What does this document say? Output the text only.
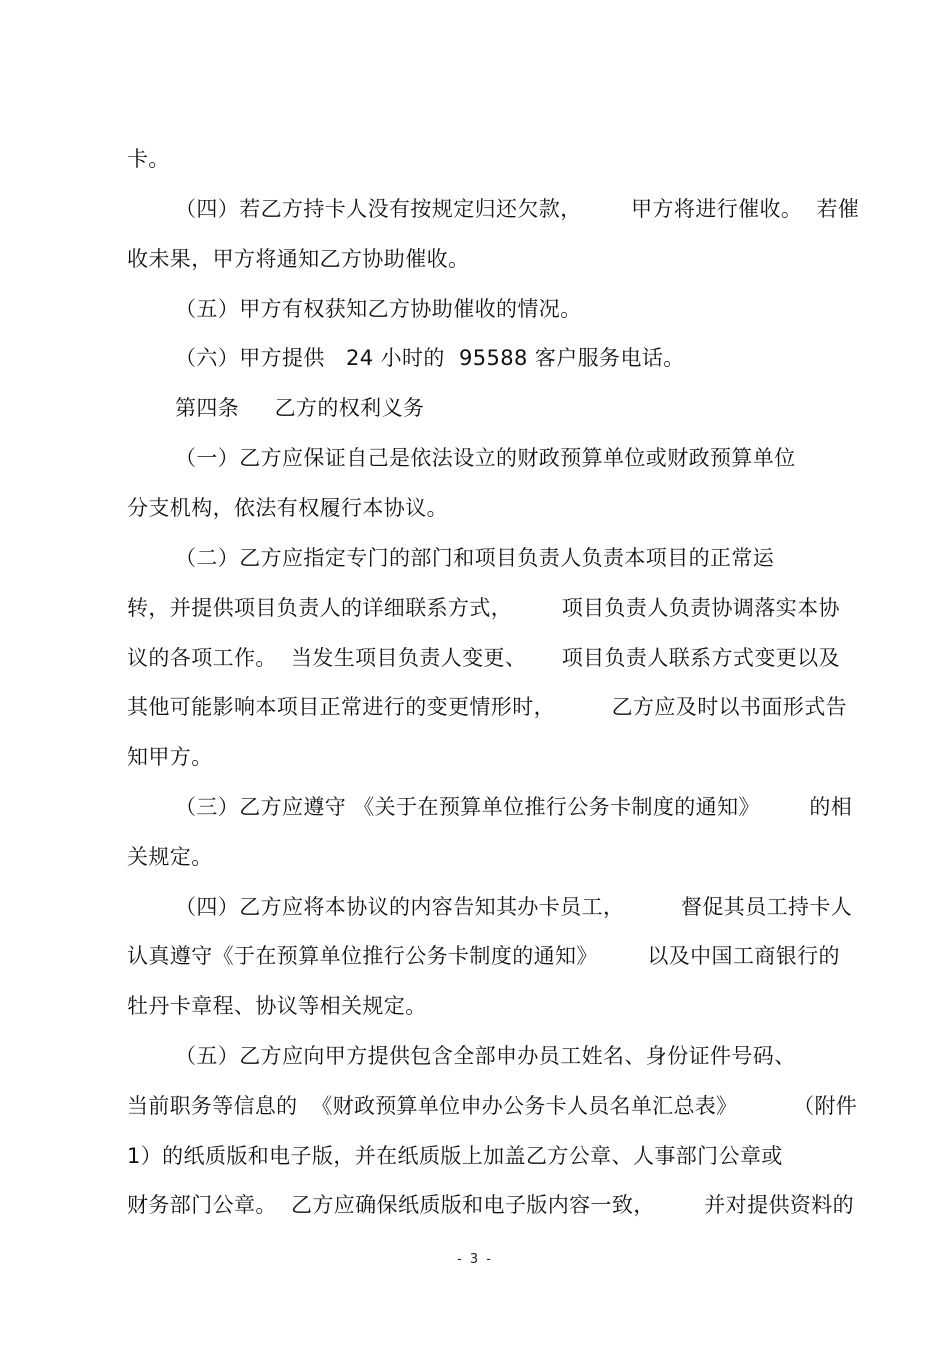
卡。
（四）若乙方持卡人没有按规定归还欠款，       甲方将进行催收。  若催
收未果，甲方将通知乙方协助催收。
（五）甲方有权获知乙方协助催收的情况。
（六）甲方提供   24 小时的  95588 客户服务电话。
第四条     乙方的权利义务
（一）乙方应保证自己是依法设立的财政预算单位或财政预算单位
分支机构，依法有权履行本协议。
（二）乙方应指定专门的部门和项目负责人负责本项目的正常运
转，并提供项目负责人的详细联系方式，       项目负责人负责协调落实本协
议的各项工作。  当发生项目负责人变更、     项目负责人联系方式变更以及
其他可能影响本项目正常进行的变更情形时，        乙方应及时以书面形式告
知甲方。
（三）乙方应遵守 《关于在预算单位推行公务卡制度的通知》       的相
关规定。
（四）乙方应将本协议的内容告知其办卡员工，        督促其员工持卡人
认真遵守《于在预算单位推行公务卡制度的通知》       以及中国工商银行的
牡丹卡章程、协议等相关规定。
（五）乙方应向甲方提供包含全部申办员工姓名、身份证件号码、
当前职务等信息的  《财政预算单位申办公务卡人员名单汇总表》        （附件
1）的纸质版和电子版，并在纸质版上加盖乙方公章、人事部门公章或
财务部门公章。  乙方应确保纸质版和电子版内容一致，       并对提供资料的
- 3 -
